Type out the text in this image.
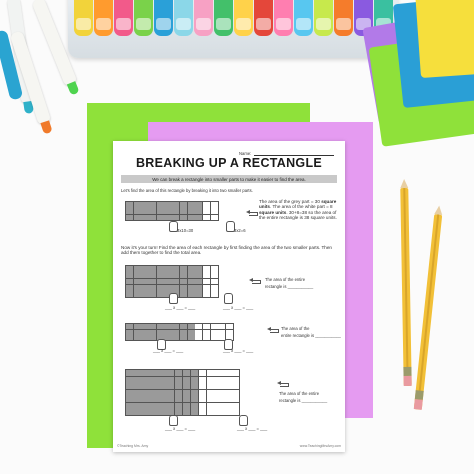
Name:

BREAKING UP A RECTANGLE

We can break a rectangle into smaller parts to make it easier to find the area.

Let's find the area of this rectangle by breaking it into two smaller parts.

3x10=30	3x2=6

The area of the grey part = 30 square units. The area of the white part = 8 square units. 30+8=38 so the area of the entire rectangle is 38 square units.

Now it's your turn! Find the area of each rectangle by first finding the area of the two smaller parts. Then add them together to find the total area.

___ x ___ = ___	___ x ___ = ___

The area of the entire

rectangle is ___________

___ x ___ = ___	___ x ___ = ___

The area of the

entire rectangle is ___________

___ x ___ = ___	___ x ___ = ___

The area of the entire

rectangle is ___________

©Teaching Mrs. Amy	www.TeachingMrsAmy.com
